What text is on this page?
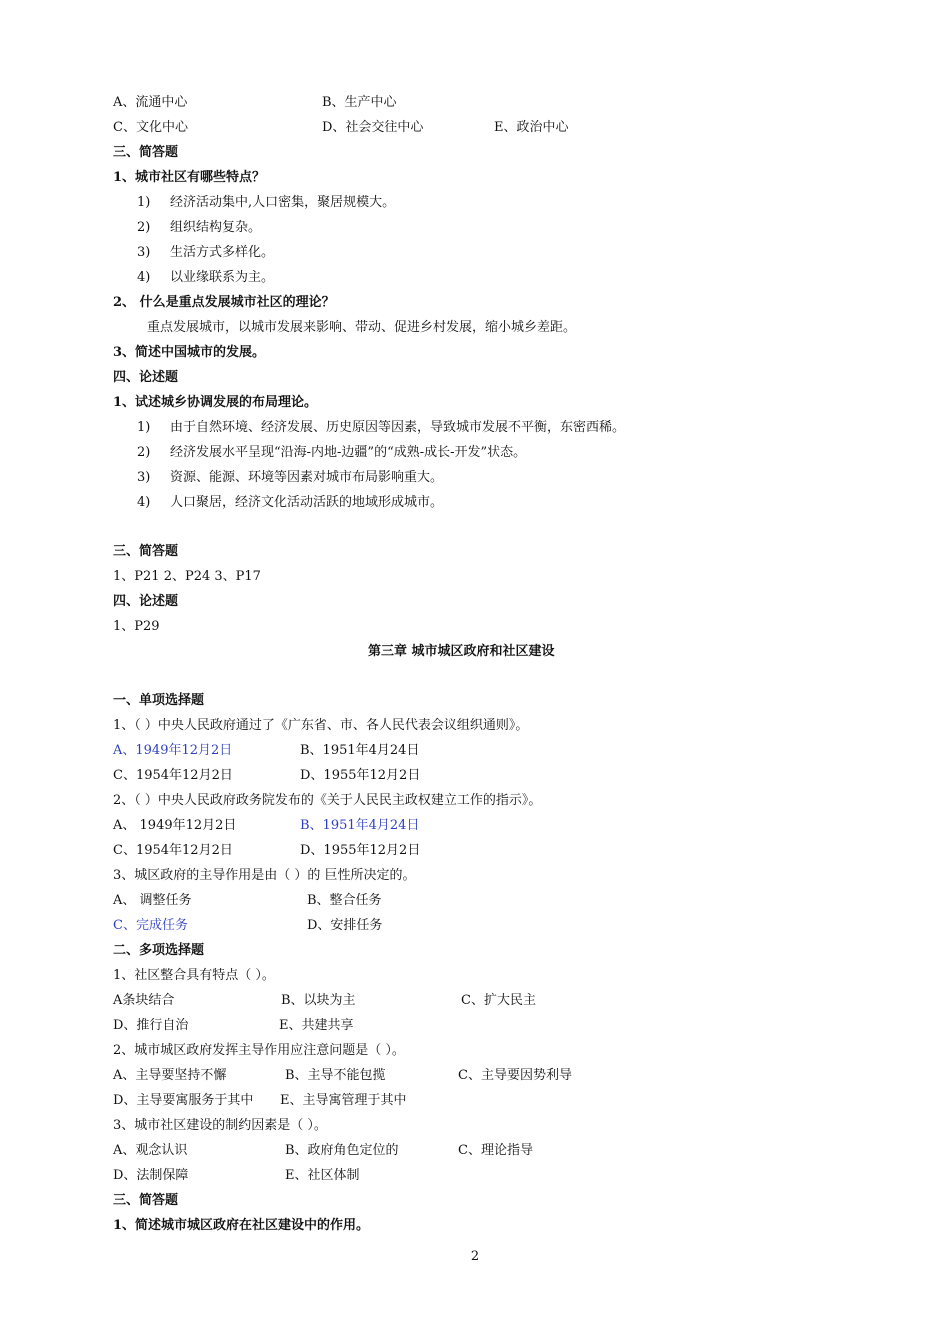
A、流通中心	B、生产中心
C、文化中心	D、社会交往中心	E、政治中心
三、简答题
1、城市社区有哪些特点？
1) 经济活动集中,人口密集，聚居规模大。
2) 组织结构复杂。
3) 生活方式多样化。
4) 以业缘联系为主。
2、 什么是重点发展城市社区的理论？
重点发展城市，以城市发展来影响、带动、促进乡村发展，缩小城乡差距。
3、简述中国城市的发展。
四、论述题
1、试述城乡协调发展的布局理论。
1) 由于自然环境、经济发展、历史原因等因素，导致城市发展不平衡，东密西稀。
2) 经济发展水平呈现“沿海-内地-边疆”的“成熟-成长-开发”状态。
3) 资源、能源、环境等因素对城市布局影响重大。
4) 人口聚居，经济文化活动活跃的地域形成城市。
三、简答题
1、P21 2、P24 3、P17
四、论述题
1、P29
第三章 城市城区政府和社区建设
一、单项选择题
1、（ ）中央人民政府通过了《广东省、市、各人民代表会议组织通则》。
A、1949年12月2日	B、1951年4月24日
C、1954年12月2日	D、1955年12月2日
2、（ ）中央人民政府政务院发布的《关于人民民主政权建立工作的指示》。
A、 1949年12月2日	B、1951年4月24日
C、1954年12月2日	D、1955年12月2日
3、城区政府的主导作用是由（ ）的 巨性所决定的。
A、 调整任务	B、整合任务
C、完成任务	D、安排任务
二、多项选择题
1、社区整合具有特点（ ）。
A条块结合	B、以块为主	C、扩大民主
D、推行自治	E、共建共享
2、城市城区政府发挥主导作用应注意问题是（ ）。
A、主导要坚持不懈	B、主导不能包揽	C、主导要因势利导
D、主导要寓服务于其中 E、主导寓管理于其中
3、城市社区建设的制约因素是（ ）。
A、观念认识	B、政府角色定位的	C、理论指导
D、法制保障	E、社区体制
三、简答题
1、简述城市城区政府在社区建设中的作用。
2
